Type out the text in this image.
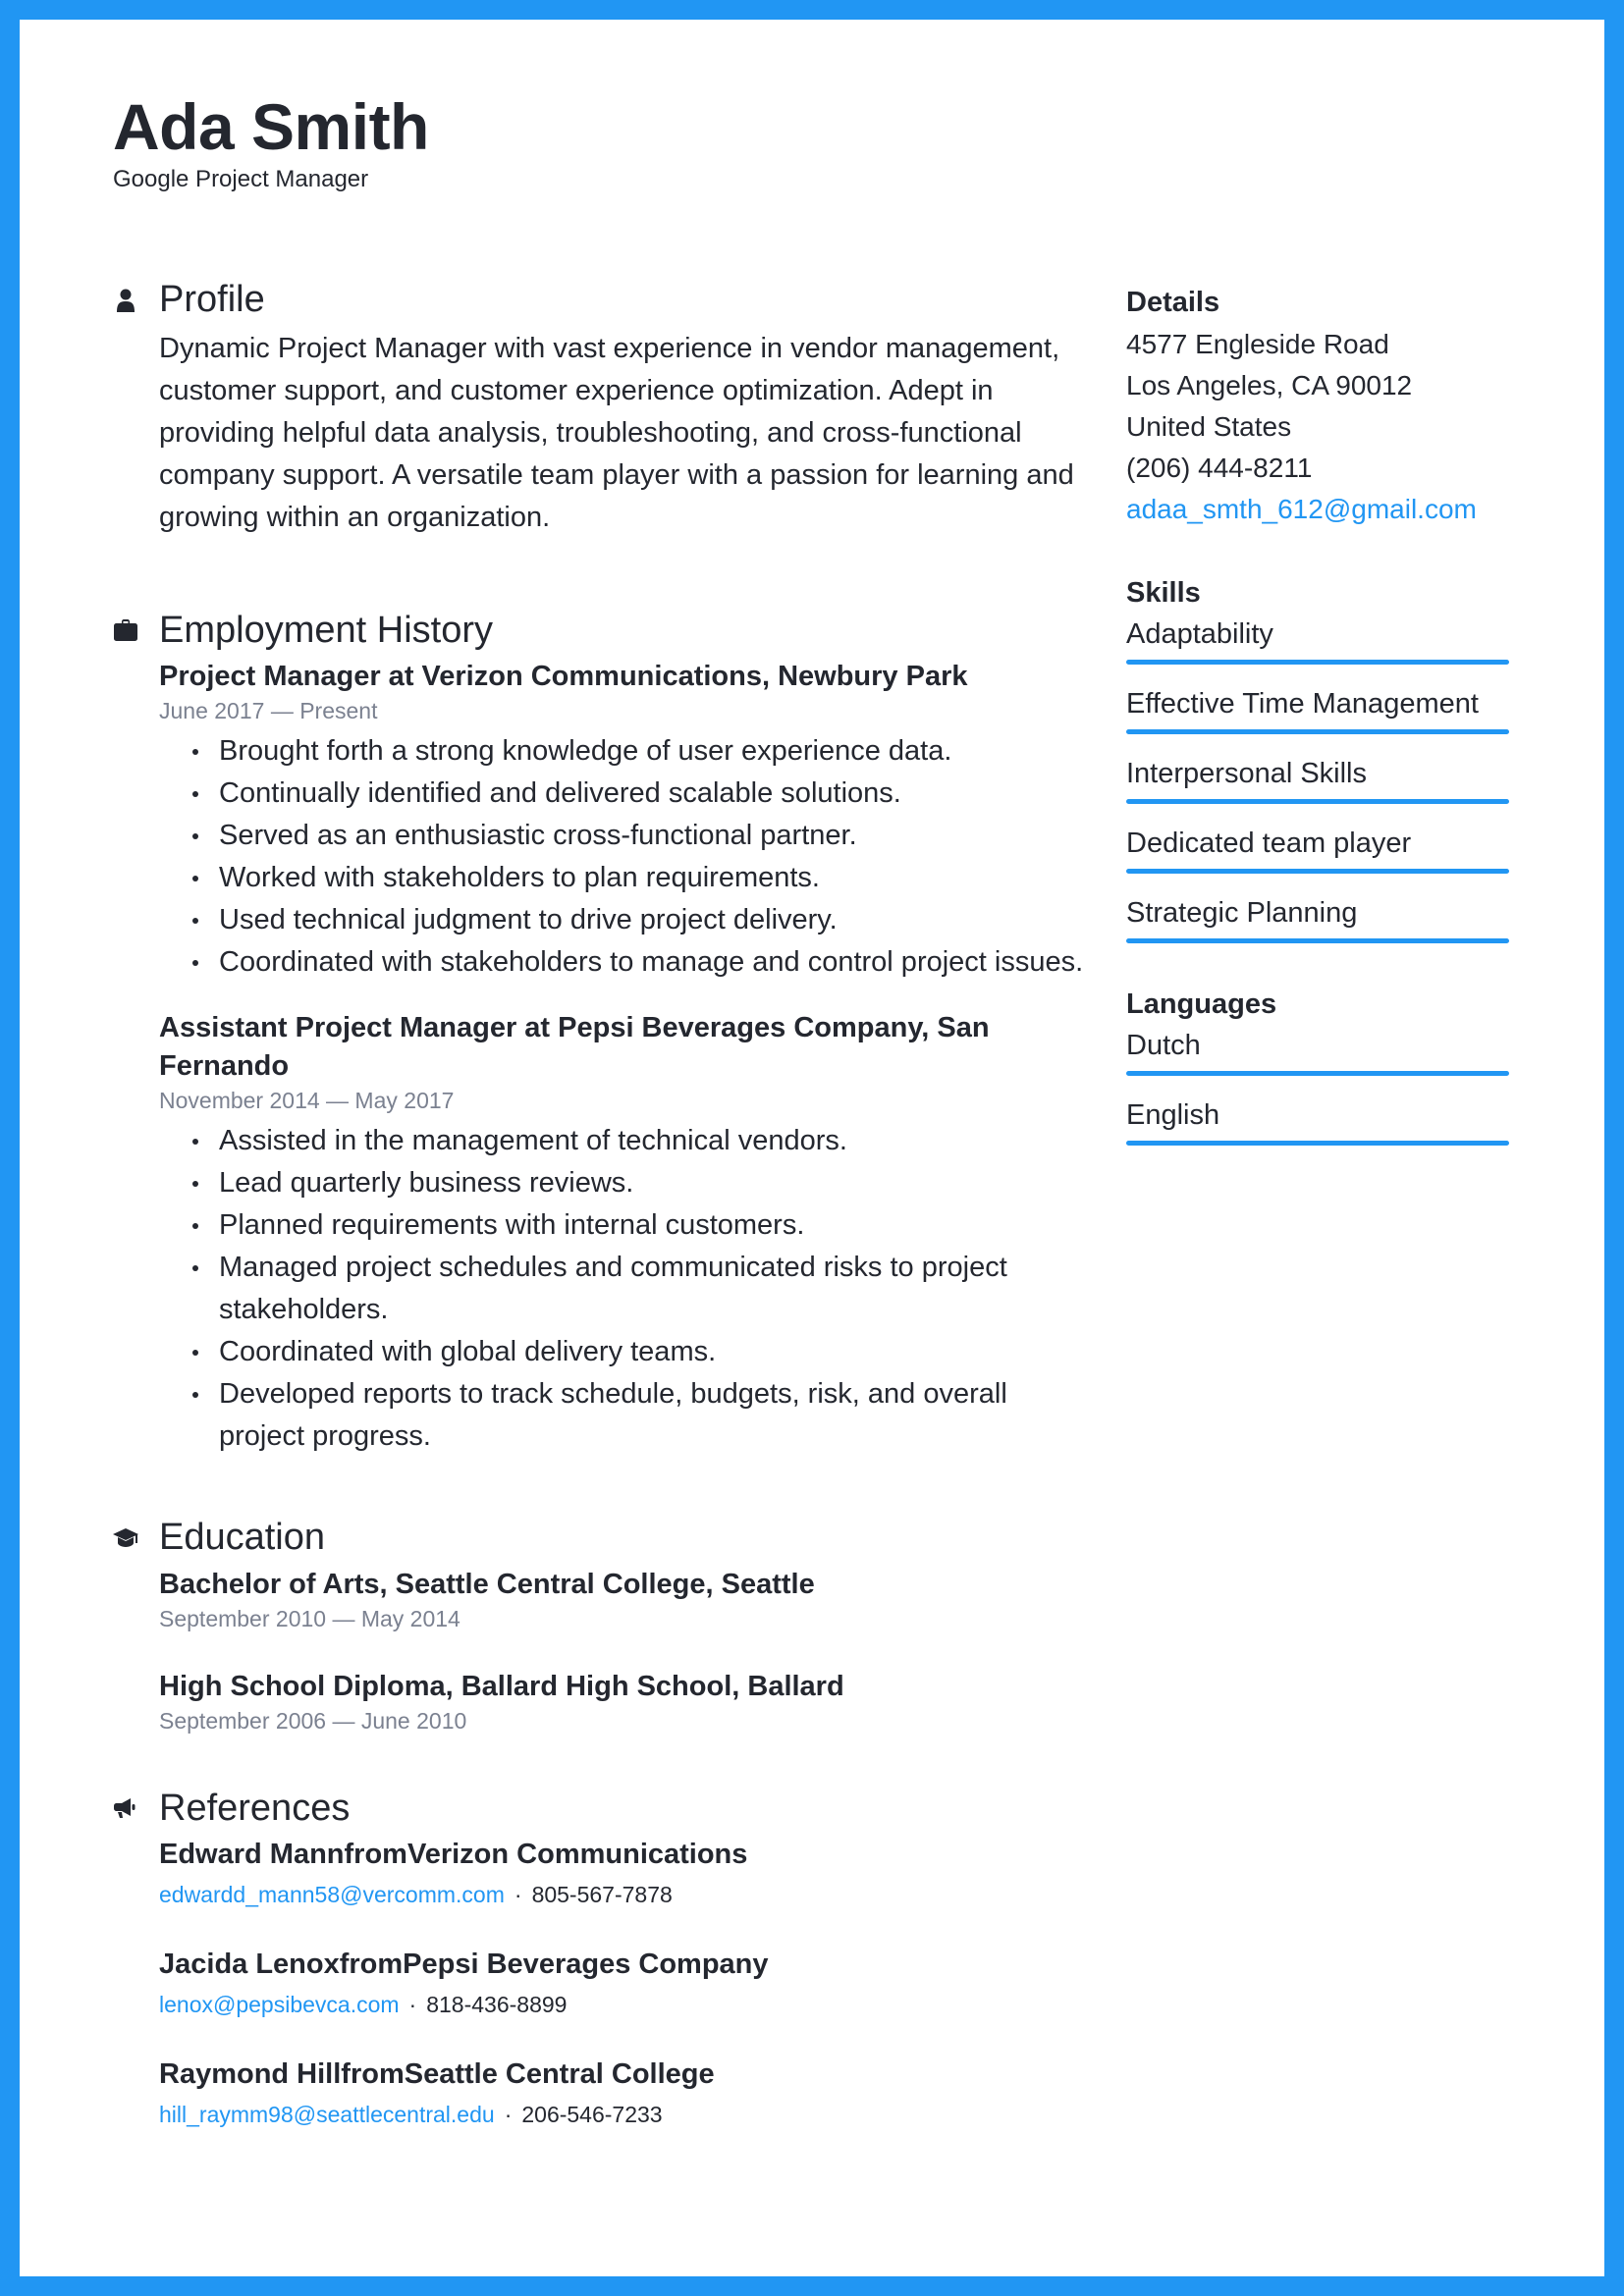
Ada Smith
Google Project Manager
Profile
Dynamic Project Manager with vast experience in vendor management, customer support, and customer experience optimization. Adept in providing helpful data analysis, troubleshooting, and cross-functional company support. A versatile team player with a passion for learning and growing within an organization.
Employment History
Project Manager at Verizon Communications, Newbury Park
June 2017 — Present
Brought forth a strong knowledge of user experience data.
Continually identified and delivered scalable solutions.
Served as an enthusiastic cross-functional partner.
Worked with stakeholders to plan requirements.
Used technical judgment to drive project delivery.
Coordinated with stakeholders to manage and control project issues.
Assistant Project Manager at Pepsi Beverages Company, San Fernando
November 2014 — May 2017
Assisted in the management of technical vendors.
Lead quarterly business reviews.
Planned requirements with internal customers.
Managed project schedules and communicated risks to project stakeholders.
Coordinated with global delivery teams.
Developed reports to track schedule, budgets, risk, and overall project progress.
Education
Bachelor of Arts, Seattle Central College, Seattle
September 2010 — May 2014
High School Diploma, Ballard High School, Ballard
September 2006 — June 2010
References
Edward MannfromVerizon Communications
edwardd_mann58@vercomm.com · 805-567-7878
Jacida LenoxfromPepsi Beverages Company
lenox@pepsibevca.com · 818-436-8899
Raymond HillfromSeattle Central College
hill_raymm98@seattlecentral.edu · 206-546-7233
Details
4577 Engleside Road
Los Angeles, CA 90012
United States
(206) 444-8211
adaa_smth_612@gmail.com
Skills
Adaptability
Effective Time Management
Interpersonal Skills
Dedicated team player
Strategic Planning
Languages
Dutch
English
